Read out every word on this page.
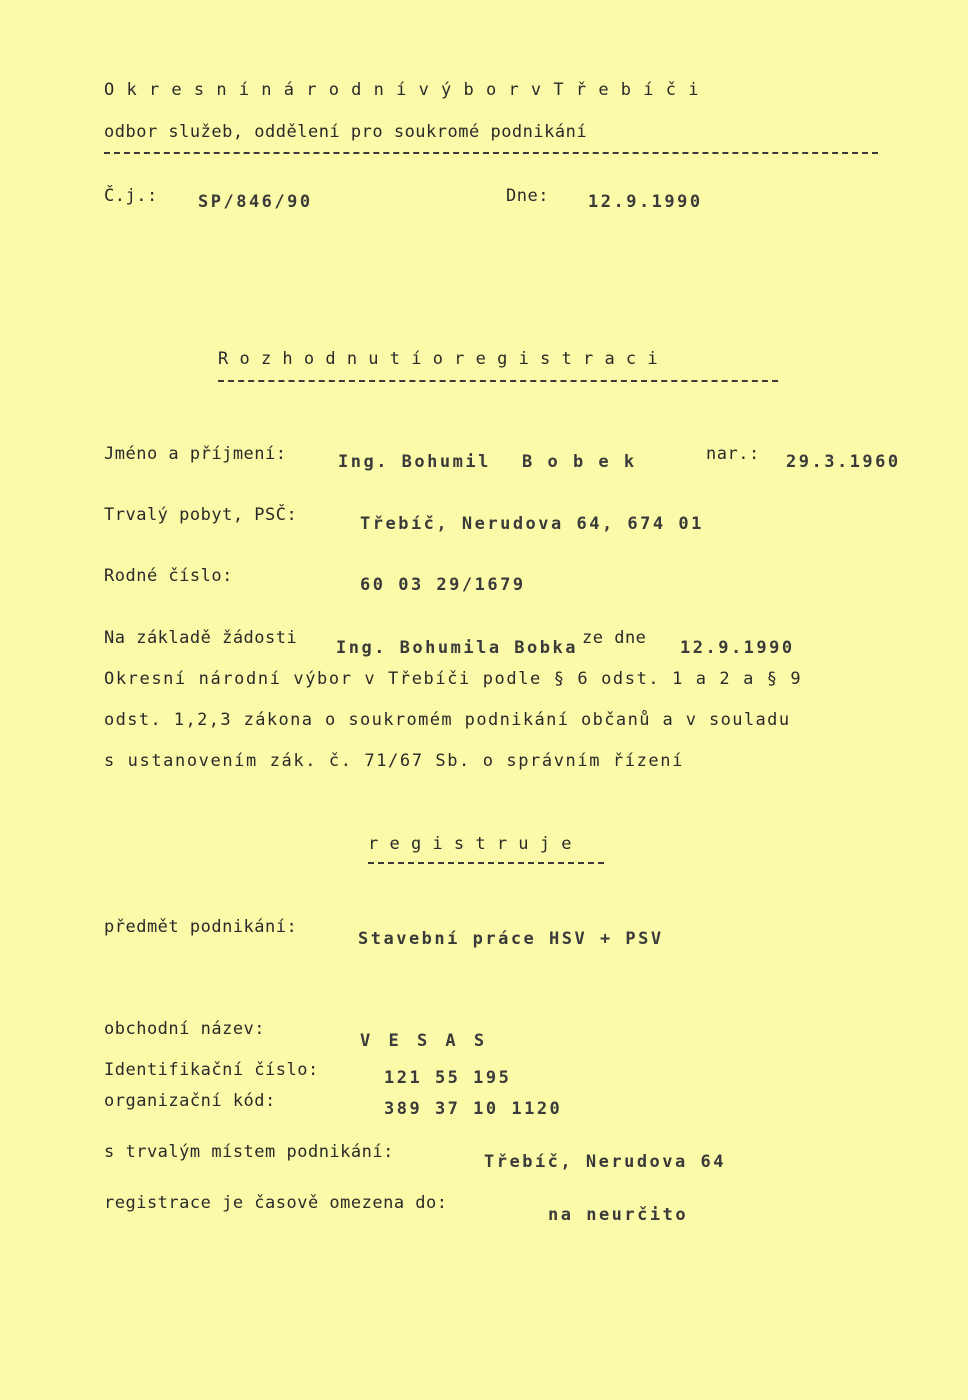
O k r e s n í n á r o d n í v ý b o r v T ř e b í č i
odbor služeb, oddělení pro soukromé podnikání
Č.j.: SP/846/90	Dne: 12.9.1990
R o z h o d n u t í o r e g i s t r a c i
Jméno a příjmení:	Ing. Bohumil B o b e k	nar.: 29.3.1960
Trvalý pobyt, PSČ:	Třebíč, Nerudova 64, 674 01
Rodné číslo:	60 03 29/1679
Na základě žádosti Ing. Bohumila Bobka ze dne 12.9.1990
Okresní národní výbor v Třebíči podle § 6 odst. 1 a 2 a § 9
odst. 1,2,3 zákona o soukromém podnikání občanů a v souladu
s ustanovením zák. č. 71/67 Sb. o správním řízení
r e g i s t r u j e
předmět podnikání:
Stavební práce HSV + PSV
obchodní název:
V E S A S
Identifikační číslo:	121 55 195
organizační kód:	389 37 10 1120
s trvalým místem podnikání:	Třebíč, Nerudova 64
registrace je časově omezena do:
na neurčito
